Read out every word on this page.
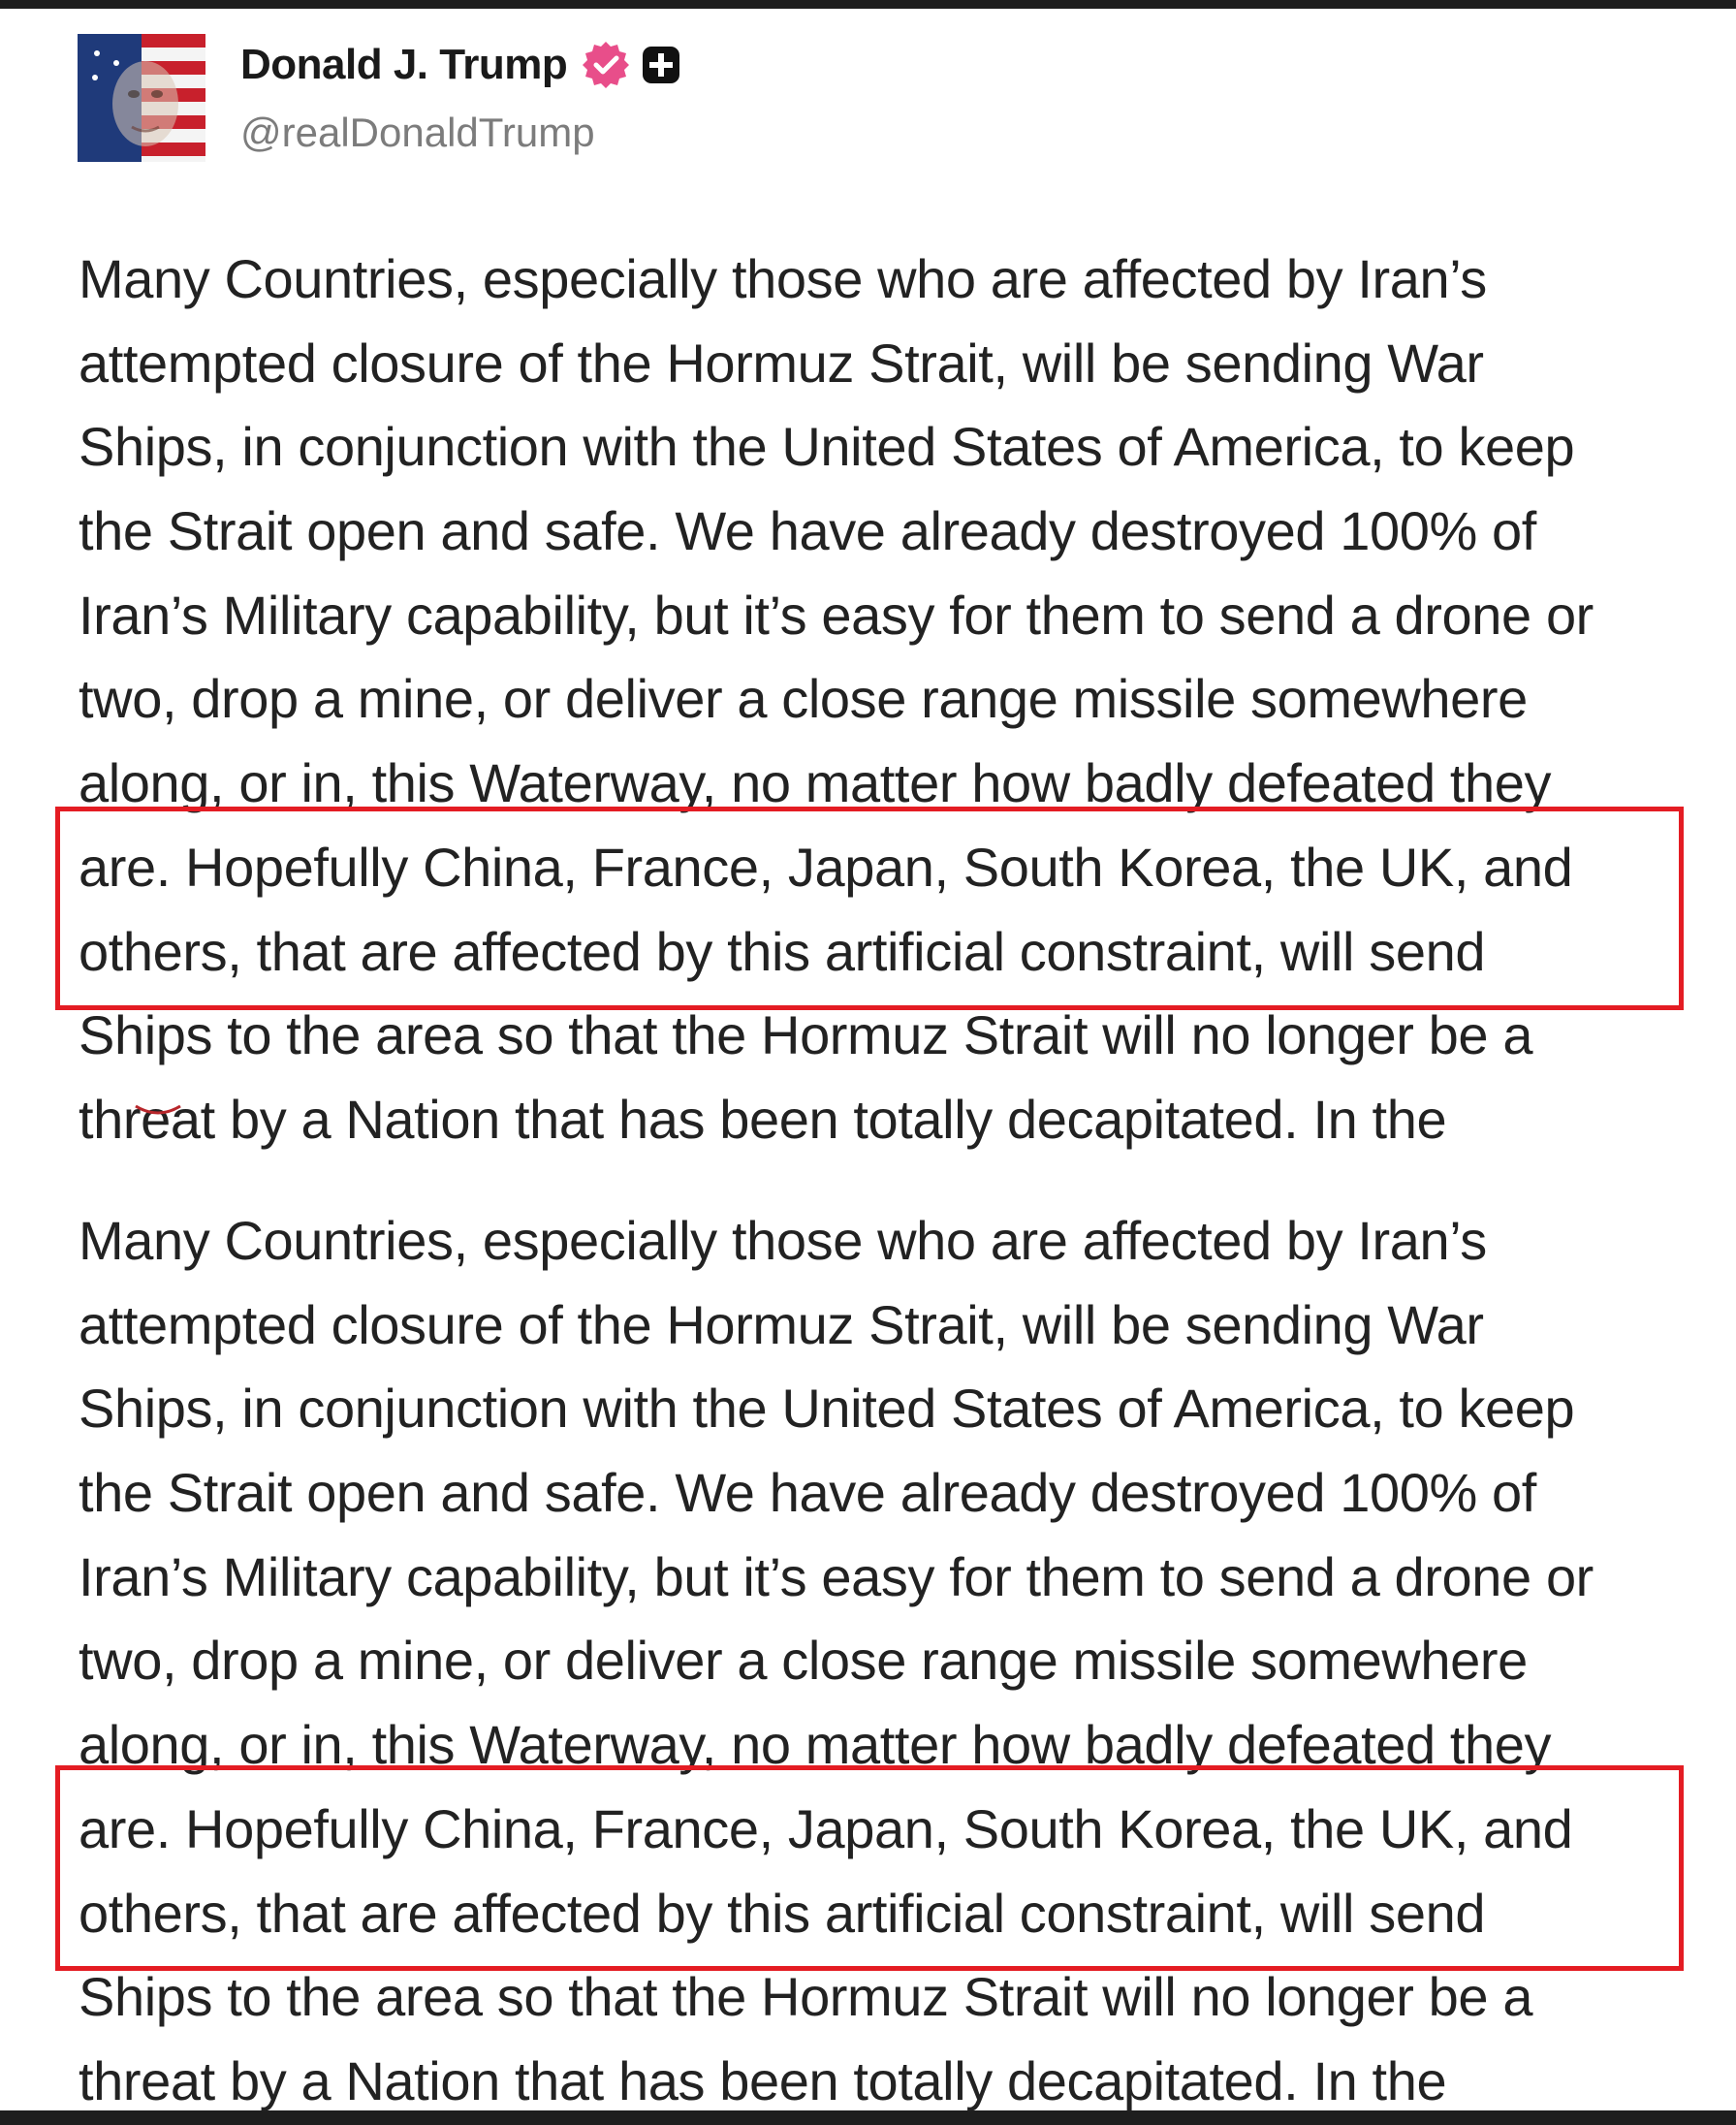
Donald J. Trump
@realDonaldTrump
Many Countries, especially those who are affected by Iran’s
attempted closure of the Hormuz Strait, will be sending War
Ships, in conjunction with the United States of America, to keep
the Strait open and safe. We have already destroyed 100% of
Iran’s Military capability, but it’s easy for them to send a drone or
two, drop a mine, or deliver a close range missile somewhere
along, or in, this Waterway, no matter how badly defeated they
are. Hopefully China, France, Japan, South Korea, the UK, and
others, that are affected by this artificial constraint, will send
Ships to the area so that the Hormuz Strait will no longer be a
threat by a Nation that has been totally decapitated. In the
Many Countries, especially those who are affected by Iran’s
attempted closure of the Hormuz Strait, will be sending War
Ships, in conjunction with the United States of America, to keep
the Strait open and safe. We have already destroyed 100% of
Iran’s Military capability, but it’s easy for them to send a drone or
two, drop a mine, or deliver a close range missile somewhere
along, or in, this Waterway, no matter how badly defeated they
are. Hopefully China, France, Japan, South Korea, the UK, and
others, that are affected by this artificial constraint, will send
Ships to the area so that the Hormuz Strait will no longer be a
threat by a Nation that has been totally decapitated. In the
